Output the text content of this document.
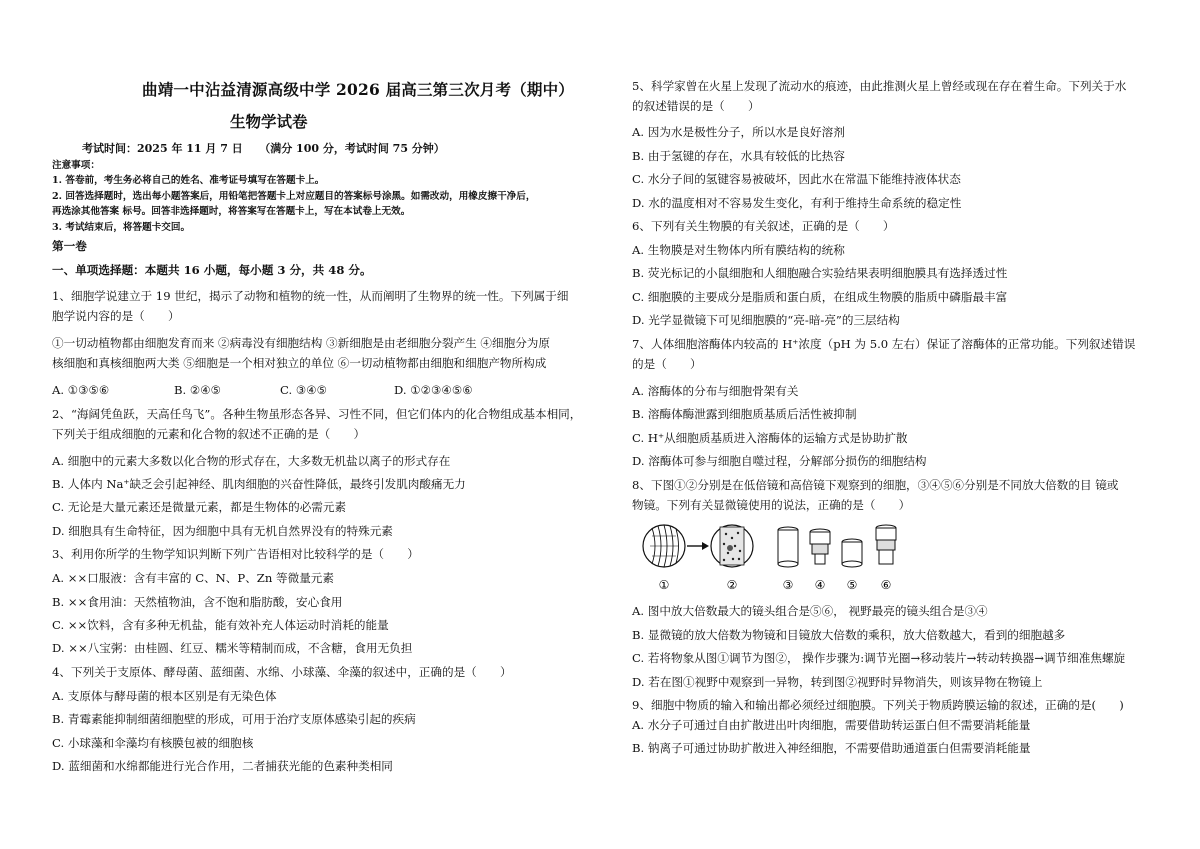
曲靖一中沾益清源高级中学 2026 届高三第三次月考（期中）
生物学试卷
考试时间：2025 年 11 月 7 日　　（满分 100 分，考试时间 75 分钟）
注意事项：
1. 答卷前，考生务必将自己的姓名、准考证号填写在答题卡上。
2. 回答选择题时，选出每小题答案后，用铅笔把答题卡上对应题目的答案标号涂黑。如需改动，用橡皮擦干净后，
再选涂其他答案 标号。回答非选择题时，将答案写在答题卡上，写在本试卷上无效。
3. 考试结束后，将答题卡交回。
第一卷
一、单项选择题：本题共 16 小题，每小题 3 分，共 48 分。
1、细胞学说建立于 19 世纪，揭示了动物和植物的统一性，从而阐明了生物界的统一性。下列属于细
胞学说内容的是（　　）
①一切动植物都由细胞发育而来 ②病毒没有细胞结构 ③新细胞是由老细胞分裂产生 ④细胞分为原
核细胞和真核细胞两大类 ⑤细胞是一个相对独立的单位 ⑥一切动植物都由细胞和细胞产物所构成
A. ①③⑤⑥	B. ②④⑤	C. ③④⑤	D. ①②③④⑤⑥
2、“海阔凭鱼跃，天高任鸟飞”。各种生物虽形态各异、习性不同，但它们体内的化合物组成基本相同，
下列关于组成细胞的元素和化合物的叙述不正确的是（　　）
A. 细胞中的元素大多数以化合物的形式存在，大多数无机盐以离子的形式存在
B. 人体内 Na⁺缺乏会引起神经、肌肉细胞的兴奋性降低，最终引发肌肉酸痛无力
C. 无论是大量元素还是微量元素，都是生物体的必需元素
D. 细胞具有生命特征，因为细胞中具有无机自然界没有的特殊元素
3、利用你所学的生物学知识判断下列广告语相对比较科学的是（　　）
A. ××口服液：含有丰富的 C、N、P、Zn 等微量元素
B. ××食用油：天然植物油，含不饱和脂肪酸，安心食用
C. ××饮料，含有多种无机盐，能有效补充人体运动时消耗的能量
D. ××八宝粥：由桂圆、红豆、糯米等精制而成，不含糖，食用无负担
4、下列关于支原体、酵母菌、蓝细菌、水绵、小球藻、伞藻的叙述中，正确的是（　　）
A. 支原体与酵母菌的根本区别是有无染色体
B. 青霉素能抑制细菌细胞壁的形成，可用于治疗支原体感染引起的疾病
C. 小球藻和伞藻均有核膜包被的细胞核
D. 蓝细菌和水绵都能进行光合作用，二者捕获光能的色素种类相同
5、科学家曾在火星上发现了流动水的痕迹，由此推测火星上曾经或现在存在着生命。下列关于水
的叙述错误的是（　　）
A. 因为水是极性分子，所以水是良好溶剂
B. 由于氢键的存在，水具有较低的比热容
C. 水分子间的氢键容易被破坏，因此水在常温下能维持液体状态
D. 水的温度相对不容易发生变化，有利于维持生命系统的稳定性
6、下列有关生物膜的有关叙述，正确的是（　　）
A. 生物膜是对生物体内所有膜结构的统称
B. 荧光标记的小鼠细胞和人细胞融合实验结果表明细胞膜具有选择透过性
C. 细胞膜的主要成分是脂质和蛋白质，在组成生物膜的脂质中磷脂最丰富
D. 光学显微镜下可见细胞膜的“亮-暗-亮”的三层结构
7、人体细胞溶酶体内较高的 H⁺浓度（pH 为 5.0 左右）保证了溶酶体的正常功能。下列叙述错误
的是（　　）
A. 溶酶体的分布与细胞骨架有关
B. 溶酶体酶泄露到细胞质基质后活性被抑制
C. H⁺从细胞质基质进入溶酶体的运输方式是协助扩散
D. 溶酶体可参与细胞自噬过程，分解部分损伤的细胞结构
8、下图①②分别是在低倍镜和高倍镜下观察到的细胞，③④⑤⑥分别是不同放大倍数的目 镜或
物镜。下列有关显微镜使用的说法，正确的是（　　）
①	②	③ ④ ⑤ ⑥
A. 图中放大倍数最大的镜头组合是⑤⑥， 视野最亮的镜头组合是③④
B. 显微镜的放大倍数为物镜和目镜放大倍数的乘积，放大倍数越大，看到的细胞越多
C. 若将物象从图①调节为图②， 操作步骤为:调节光圈→移动装片→转动转换器→调节细准焦螺旋
D. 若在图①视野中观察到一异物，转到图②视野时异物消失，则该异物在物镜上
9、细胞中物质的输入和输出都必须经过细胞膜。下列关于物质跨膜运输的叙述，正确的是(　　)
A. 水分子可通过自由扩散进出叶肉细胞，需要借助转运蛋白但不需要消耗能量
B. 钠离子可通过协助扩散进入神经细胞，不需要借助通道蛋白但需要消耗能量
